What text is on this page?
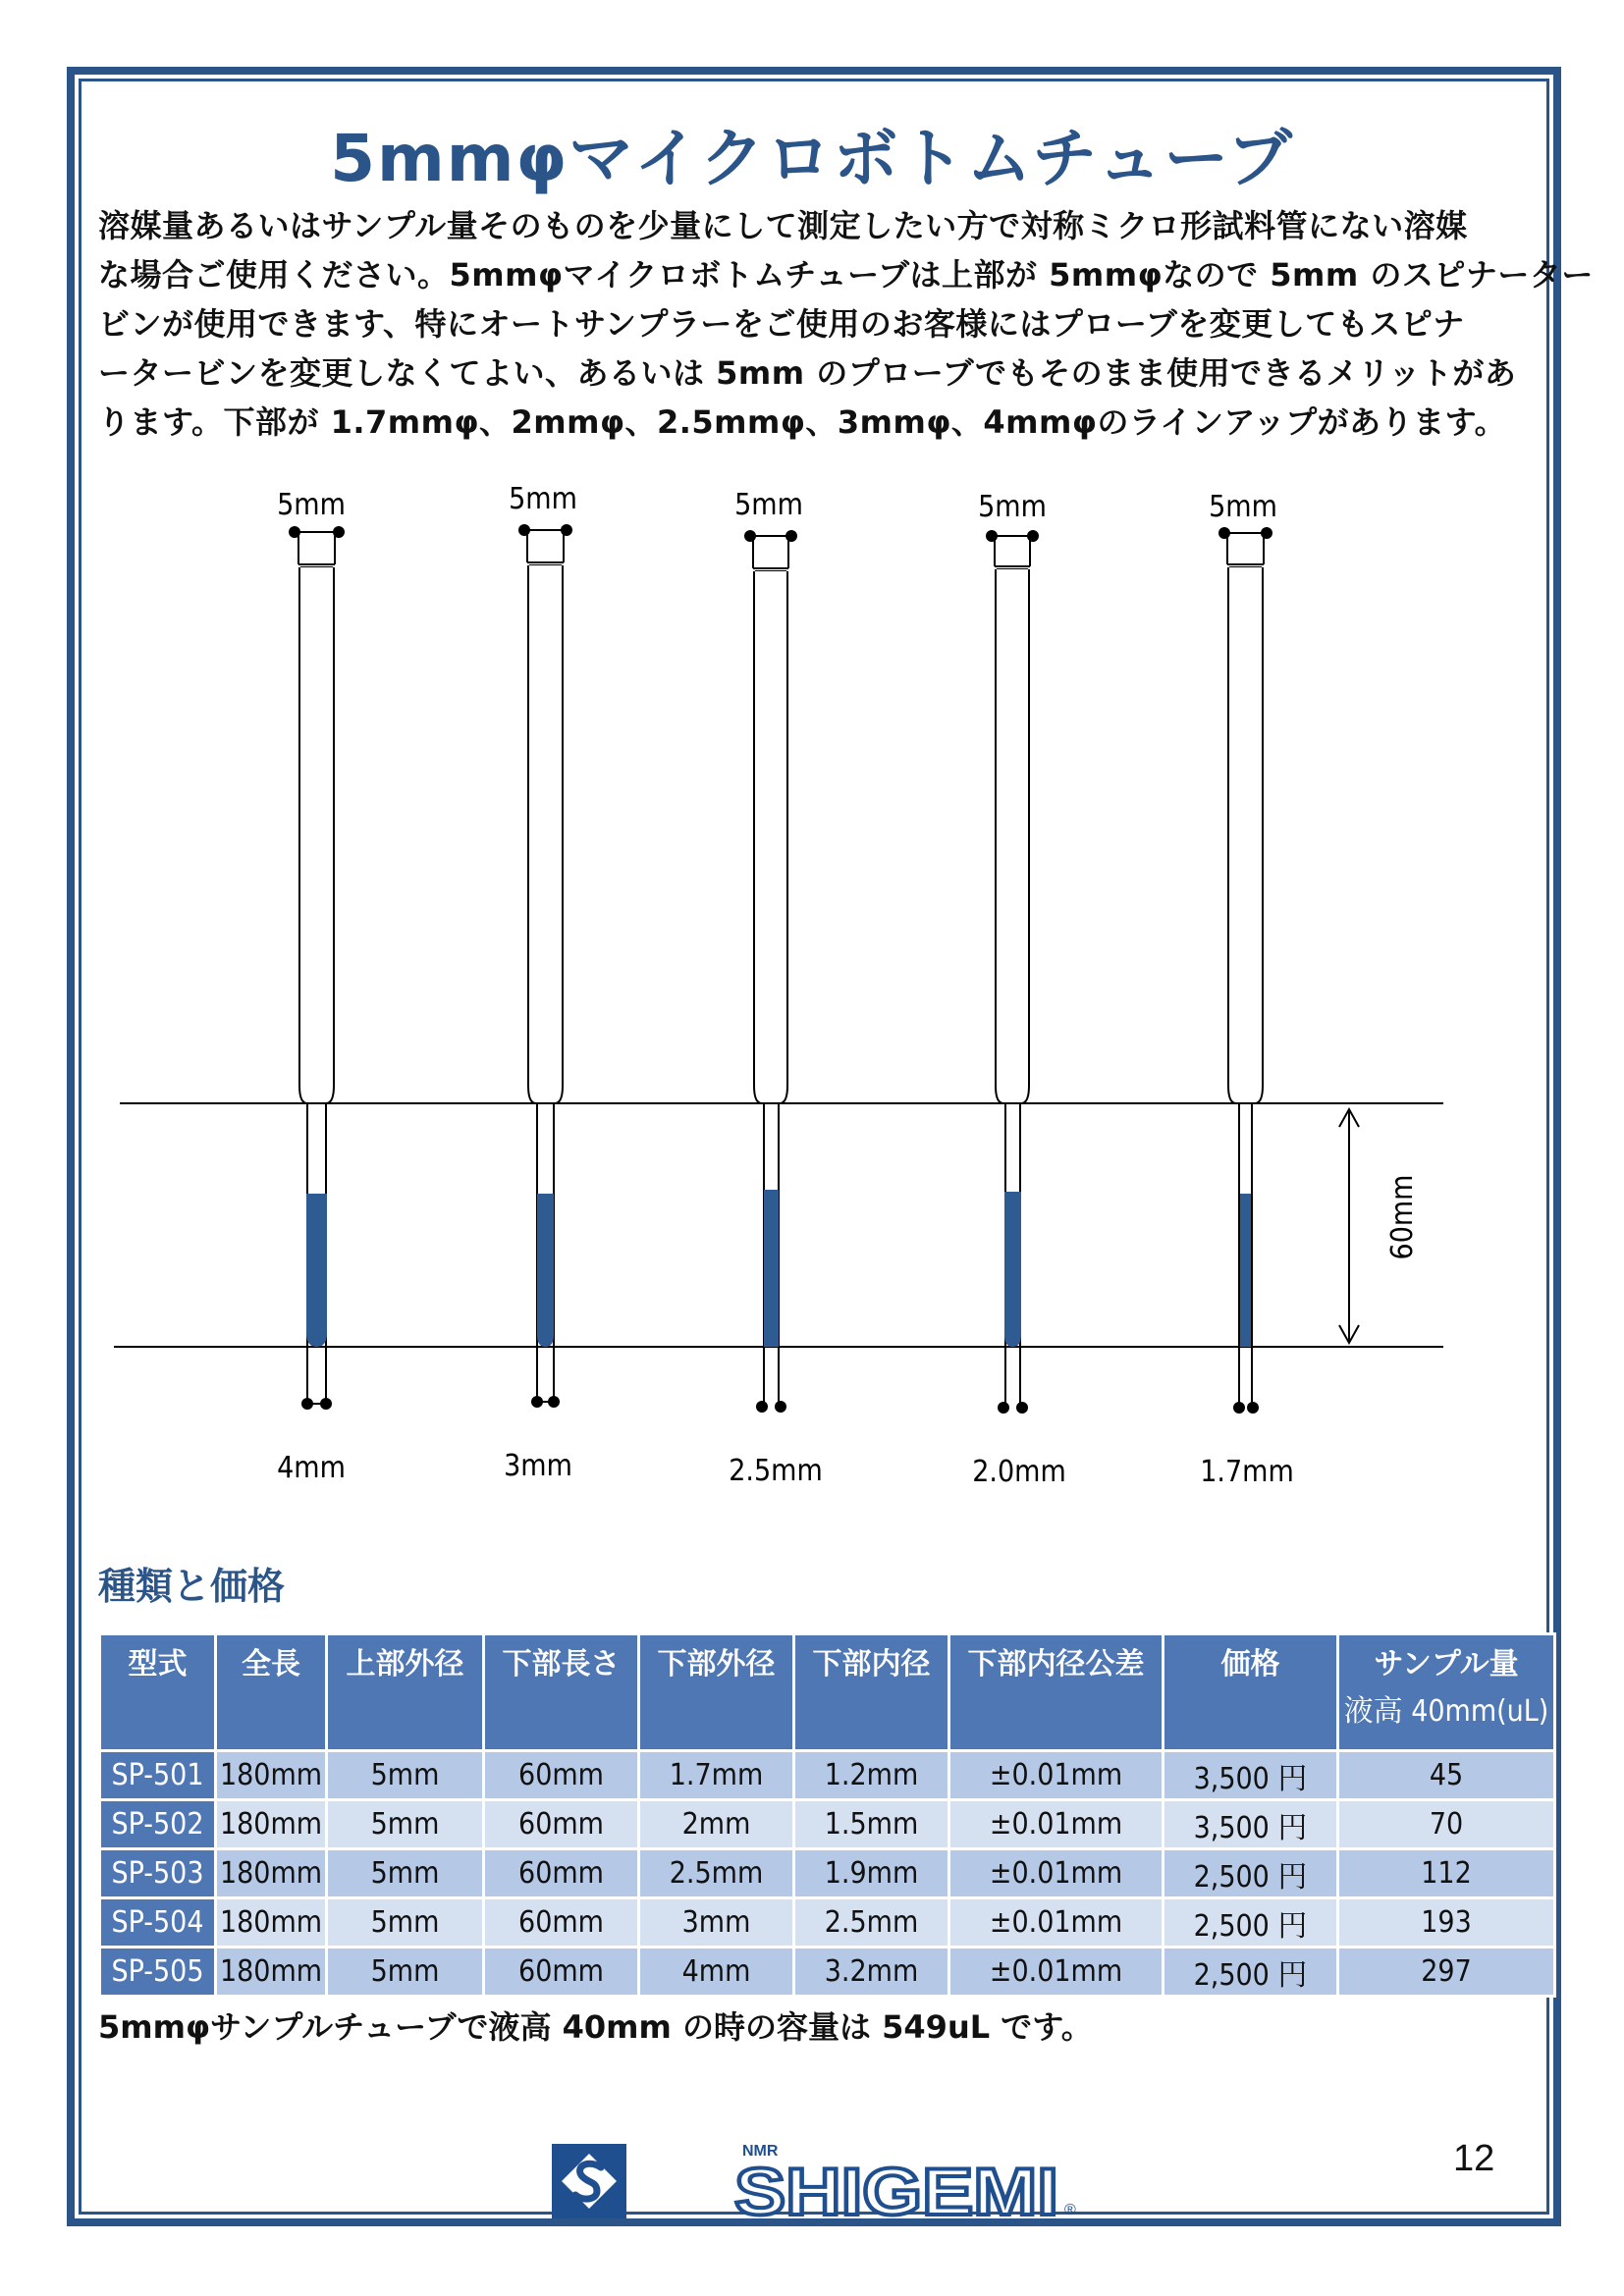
5mmφマイクロボトムチューブ

溶媒量あるいはサンプル量そのものを少量にして測定したい方で対称ミクロ形試料管にない溶媒
な場合ご使用ください。5mmφマイクロボトムチューブは上部が 5mmφなので 5mm のスピナーター
ビンが使用できます、特にオートサンプラーをご使用のお客様にはプローブを変更してもスピナ
ータービンを変更しなくてよい、あるいは 5mm のプローブでもそのまま使用できるメリットがあ
ります。下部が 1.7mmφ、2mmφ、2.5mmφ、3mmφ、4mmφのラインアップがあります。

60mm
5mm
4mm
5mm
3mm
5mm
2.5mm
5mm
2.0mm
5mm
1.7mm
種類と価格
型式	全長	上部外径	下部長さ	下部外径	下部内径	下部内径公差	価格	サンプル量
液高 40mm(uL)

SP-501	180mm	5mm	60mm	1.7mm	1.2mm	±0.01mm	3,500 円	45
SP-502	180mm	5mm	60mm	2mm	1.5mm	±0.01mm	3,500 円	70
SP-503	180mm	5mm	60mm	2.5mm	1.9mm	±0.01mm	2,500 円	112
SP-504	180mm	5mm	60mm	3mm	2.5mm	±0.01mm	2,500 円	193
SP-505	180mm	5mm	60mm	4mm	3.2mm	±0.01mm	2,500 円	297

5mmφサンプルチューブで液高 40mm の時の容量は 549uL です。

NMR
SHIGEMI ®
12
